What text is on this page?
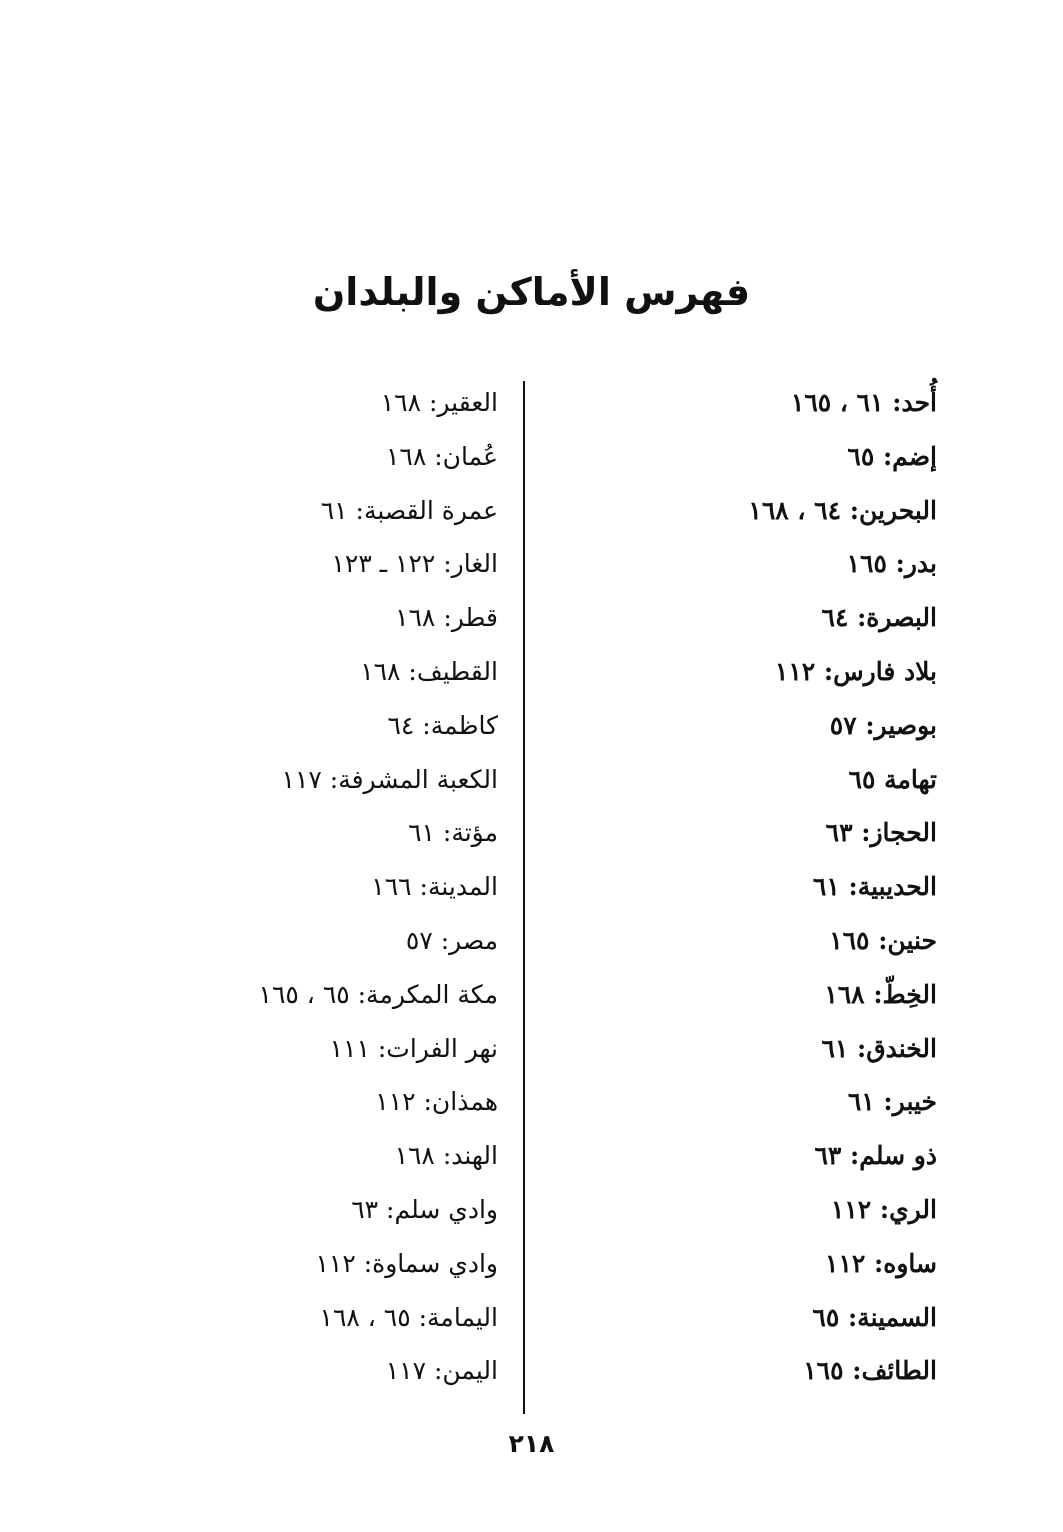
فهرس الأماكن والبلدان
أُحد: ٦١ ، ١٦٥
إضم: ٦٥
البحرين: ٦٤ ، ١٦٨
بدر: ١٦٥
البصرة: ٦٤
بلاد فارس: ١١٢
بوصير: ٥٧
تهامة ٦٥
الحجاز: ٦٣
الحديبية: ٦١
حنين: ١٦٥
الخِطّ: ١٦٨
الخندق: ٦١
خيبر: ٦١
ذو سلم: ٦٣
الري: ١١٢
ساوه: ١١٢
السمينة: ٦٥
الطائف: ١٦٥
العقير: ١٦٨
عُمان: ١٦٨
عمرة القصبة: ٦١
الغار: ١٢٢ ـ ١٢٣
قطر: ١٦٨
القطيف: ١٦٨
كاظمة: ٦٤
الكعبة المشرفة: ١١٧
مؤتة: ٦١
المدينة: ١٦٦
مصر: ٥٧
مكة المكرمة: ٦٥ ، ١٦٥
نهر الفرات: ١١١
همذان: ١١٢
الهند: ١٦٨
وادي سلم: ٦٣
وادي سماوة: ١١٢
اليمامة: ٦٥ ، ١٦٨
اليمن: ١١٧
٢١٨
